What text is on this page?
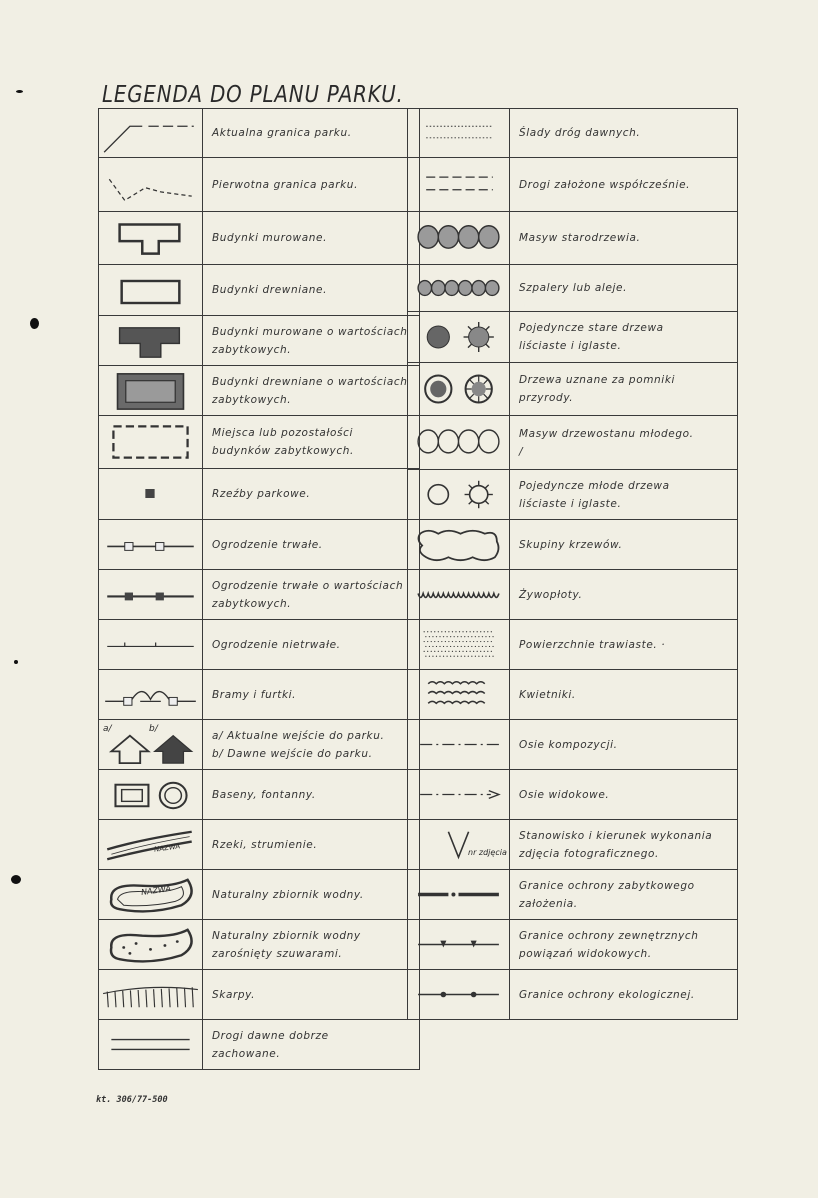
LEGENDA DO PLANU PARKU.
Aktualna granica parku.
Pierwotna granica parku.
Budynki murowane.
Budynki drewniane.
Budynki murowane o wartościach
zabytkowych.
Budynki drewniane o wartościach
zabytkowych.
Miejsca lub pozostałości
budynków zabytkowych.
Rzeźby parkowe.
Ogrodzenie trwałe.
Ogrodzenie trwałe o wartościach
zabytkowych.
Ogrodzenie nietrwałe.
Bramy i furtki.
a/	b/
a/ Aktualne wejście do parku.
b/ Dawne wejście do parku.
Baseny, fontanny.
NAZWA	Rzeki, strumienie.
NAZWA	Naturalny zbiornik wodny.
Naturalny zbiornik wodny
zarośnięty szuwarami.
Skarpy.
Drogi dawne dobrze
zachowane.
Ślady dróg dawnych.
Drogi założone współcześnie.
Masyw starodrzewia.
Szpalery lub aleje.
Pojedyncze stare drzewa
liściaste i iglaste.
Drzewa uznane za pomniki
przyrody.
Masyw drzewostanu młodego.
/
Pojedyncze młode drzewa
liściaste i iglaste.
Skupiny krzewów.
Żywopłoty.
Powierzchnie trawiaste. ·
Kwietniki.
Osie kompozycji.
Osie widokowe.
nr zdjęcia
Stanowisko i kierunek wykonania
zdjęcia fotograficznego.
Granice ochrony zabytkowego
założenia.
Granice ochrony zewnętrznych
powiązań widokowych.
Granice ochrony ekologicznej.
kt. 306/77-500
